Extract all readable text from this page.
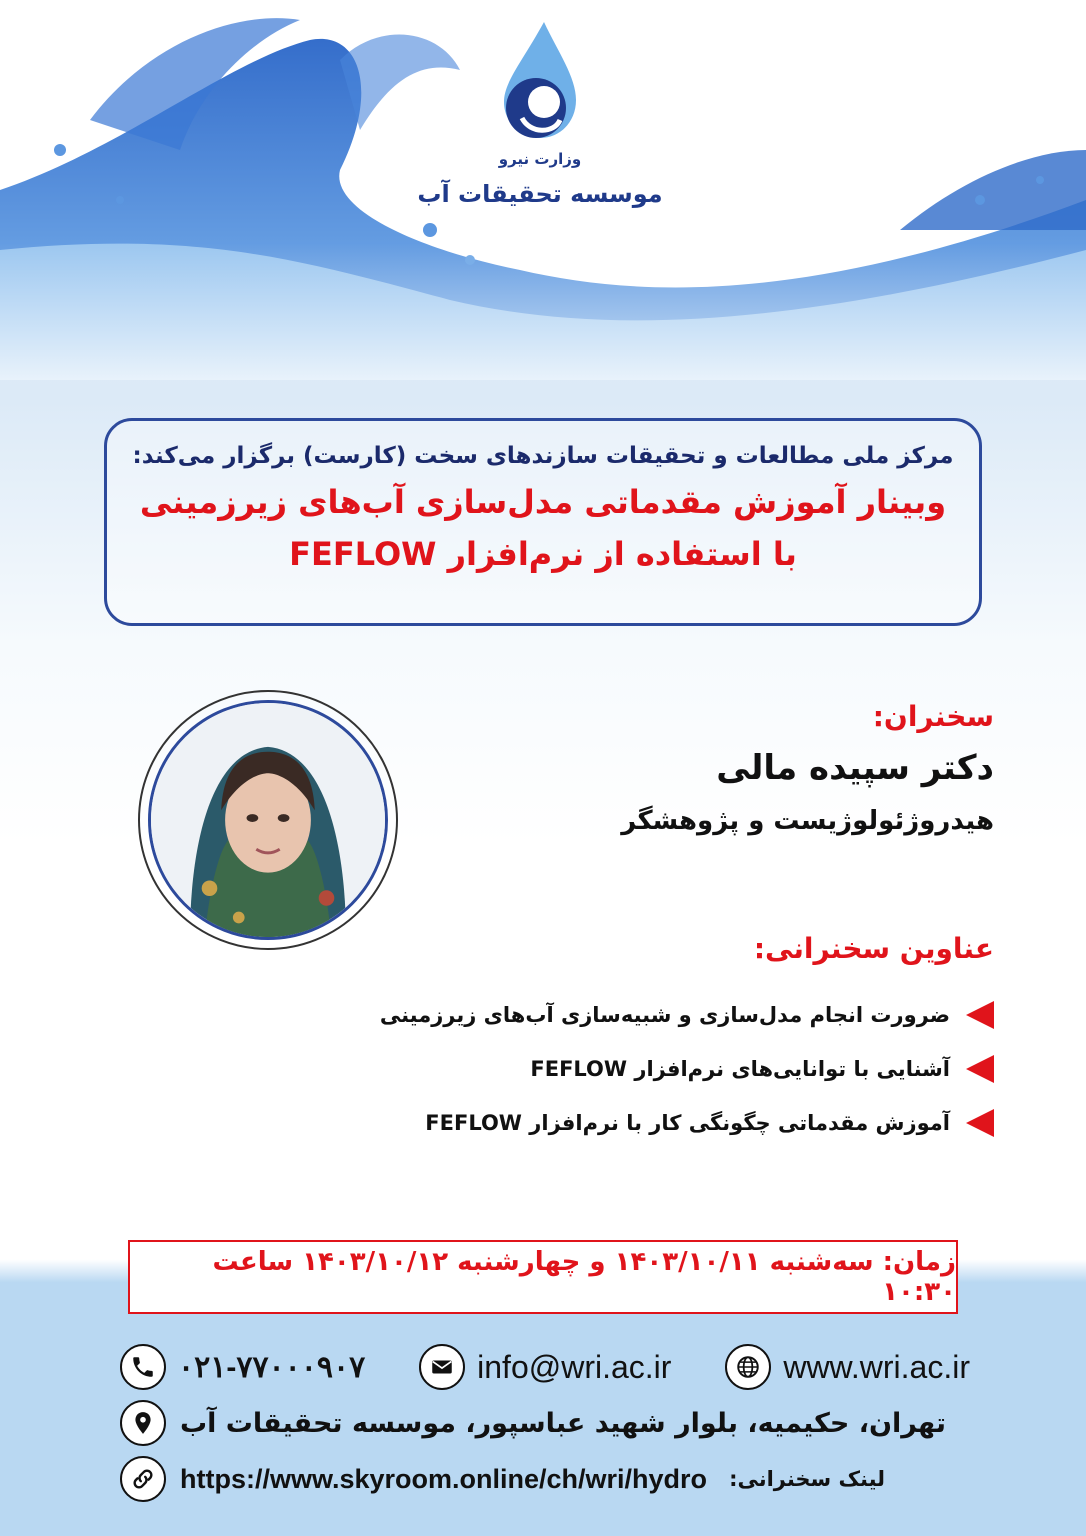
وزارت نیرو
موسسه تحقیقات آب
مرکز ملی مطالعات و تحقیقات سازندهای سخت (کارست) برگزار می‌کند:
وبینار آموزش مقدماتی مدل‌سازی آب‌های زیرزمینی
با استفاده از نرم‌افزار FEFLOW
سخنران:
دکتر سپیده مالی
هیدروژئولوژیست و پژوهشگر
عناوین سخنرانی:
ضرورت انجام مدل‌سازی و شبیه‌سازی آب‌های زیرزمینی
آشنایی با توانایی‌های نرم‌افزار FEFLOW
آموزش مقدماتی چگونگی کار با نرم‌افزار FEFLOW
زمان: سه‌شنبه ۱۴۰۳/۱۰/۱۱ و چهارشنبه ۱۴۰۳/۱۰/۱۲ ساعت ۱۰:۳۰
۰۲۱-۷۷۰۰۰۹۰۷	info@wri.ac.ir	www.wri.ac.ir
تهران، حکیمیه، بلوار شهید عباسپور، موسسه تحقیقات آب
https://www.skyroom.online/ch/wri/hydro لینک سخنرانی:
